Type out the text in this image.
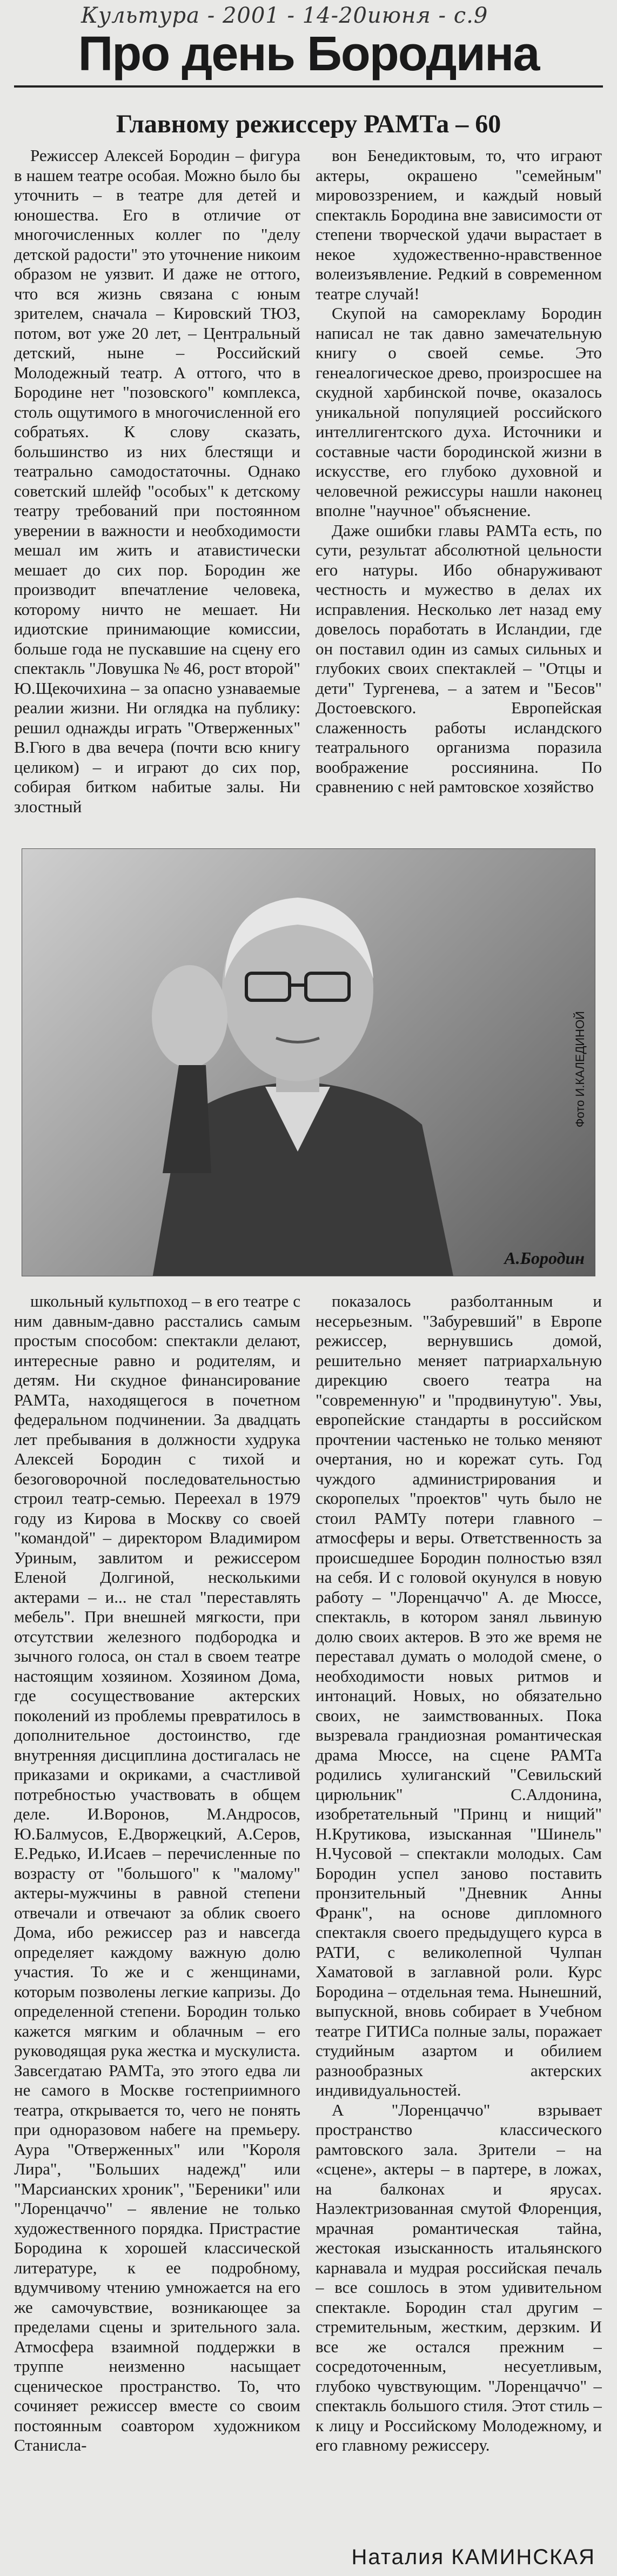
Культура - 2001 - 14-20июня - с.9
Про день Бородина
Главному режиссеру РАМТа – 60

Режиссер Алексей Бородин – фигура в нашем театре особая. Можно было бы уточнить – в театре для детей и юношества. Его в отличие от многочисленных коллег по "делу детской радости" это уточнение никоим образом не уязвит. И даже не оттого, что вся жизнь связана с юным зрителем, сначала – Кировский ТЮЗ, потом, вот уже 20 лет, – Центральный детский, ныне – Российский Молодежный театр. А оттого, что в Бородине нет "позовского" комплекса, столь ощутимого в многочисленной его собратьях. К слову сказать, большинство из них блестящи и театрально самодостаточны. Однако советский шлейф "особых" к детскому театру требований при постоянном уверении в важности и необходимости мешал им жить и атавистически мешает до сих пор. Бородин же производит впечатление человека, которому ничто не мешает. Ни идиотские принимающие комиссии, больше года не пускавшие на сцену его спектакль "Ловушка № 46, рост второй" Ю.Щекочихина – за опасно узнаваемые реалии жизни. Ни оглядка на публику: решил однажды играть "Отверженных" В.Гюго в два вечера (почти всю книгу целиком) – и играют до сих пор, собирая битком набитые залы. Ни злостный

вон Бенедиктовым, то, что играют актеры, окрашено "семейным" мировоззрением, и каждый новый спектакль Бородина вне зависимости от степени творческой удачи вырастает в некое художественно-нравственное волеизъявление. Редкий в современном театре случай!

Скупой на саморекламу Бородин написал не так давно замечательную книгу о своей семье. Это генеалогическое древо, произросшее на скудной харбинской почве, оказалось уникальной популяцией российского интеллигентского духа. Источники и составные части бородинской жизни в искусстве, его глубоко духовной и человечной режиссуры нашли наконец вполне "научное" объяснение.

Даже ошибки главы РАМТа есть, по сути, результат абсолютной цельности его натуры. Ибо обнаруживают честность и мужество в делах их исправления. Несколько лет назад ему довелось поработать в Исландии, где он поставил один из самых сильных и глубоких своих спектаклей – "Отцы и дети" Тургенева, – а затем и "Бесов" Достоевского. Европейская слаженность работы исландского театрального организма поразила воображение россиянина. По сравнению с ней рамтовское хозяйство

Фото И.КАЛЕДИНОЙ
А.Бородин

школьный культпоход – в его театре с ним давным-давно расстались самым простым способом: спектакли делают, интересные равно и родителям, и детям. Ни скудное финансирование РАМТа, находящегося в почетном федеральном подчинении. За двадцать лет пребывания в должности худрука Алексей Бородин с тихой и безоговорочной последовательностью строил театр-семью. Переехал в 1979 году из Кирова в Москву со своей "командой" – директором Владимиром Уриным, завлитом и режиссером Еленой Долгиной, несколькими актерами – и... не стал "переставлять мебель". При внешней мягкости, при отсутствии железного подбородка и зычного голоса, он стал в своем театре настоящим хозяином. Хозяином Дома, где сосуществование актерских поколений из проблемы превратилось в дополнительное достоинство, где внутренняя дисциплина достигалась не приказами и окриками, а счастливой потребностью участвовать в общем деле. И.Воронов, М.Андросов, Ю.Балмусов, Е.Дворжецкий, А.Серов, Е.Редько, И.Исаев – перечисленные по возрасту от "большого" к "малому" актеры-мужчины в равной степени отвечали и отвечают за облик своего Дома, ибо режиссер раз и навсегда определяет каждому важную долю участия. То же и с женщинами, которым позволены легкие капризы. До определенной степени. Бородин только кажется мягким и облачным – его руководящая рука жестка и мускулиста. Завсегдатаю РАМТа, это этого едва ли не самого в Москве гостеприимного театра, открывается то, чего не понять при одноразовом набеге на премьеру. Аура "Отверженных" или "Короля Лира", "Больших надежд" или "Марсианских хроник", "Береники" или "Лоренцаччо" – явление не только художественного порядка. Пристрастие Бородина к хорошей классической литературе, к ее подробному, вдумчивому чтению умножается на его же самочувствие, возникающее за пределами сцены и зрительного зала. Атмосфера взаимной поддержки в труппе неизменно насыщает сценическое пространство. То, что сочиняет режиссер вместе со своим постоянным соавтором художником Станисла-

показалось разболтанным и несерьезным. "Забуревший" в Европе режиссер, вернувшись домой, решительно меняет патриархальную дирекцию своего театра на "современную" и "продвинутую". Увы, европейские стандарты в российском прочтении частенько не только меняют очертания, но и корежат суть. Год чуждого администрирования и скоропелых "проектов" чуть было не стоил РАМТу потери главного – атмосферы и веры. Ответственность за происшедшее Бородин полностью взял на себя. И с головой окунулся в новую работу – "Лоренцаччо" А. де Мюссе, спектакль, в котором занял львиную долю своих актеров. В это же время не переставал думать о молодой смене, о необходимости новых ритмов и интонаций. Новых, но обязательно своих, не заимствованных. Пока вызревала грандиозная романтическая драма Мюссе, на сцене РАМТа родились хулиганский "Севильский цирюльник" С.Алдонина, изобретательный "Принц и нищий" Н.Крутикова, изысканная "Шинель" Н.Чусовой – спектакли молодых. Сам Бородин успел заново поставить пронзительный "Дневник Анны Франк", на основе дипломного спектакля своего предыдущего курса в РАТИ, с великолепной Чулпан Хаматовой в заглавной роли. Курс Бородина – отдельная тема. Нынешний, выпускной, вновь собирает в Учебном театре ГИТИСа полные залы, поражает студийным азартом и обилием разнообразных актерских индивидуальностей.

А "Лоренцаччо" взрывает пространство классического рамтовского зала. Зрители – на «сцене», актеры – в партере, в ложах, на балконах и ярусах. Наэлектризованная смутой Флоренция, мрачная романтическая тайна, жестокая изысканность итальянского карнавала и мудрая российская печаль – все сошлось в этом удивительном спектакле. Бородин стал другим – стремительным, жестким, дерзким. И все же остался прежним – сосредоточенным, несуетливым, глубоко чувствующим. "Лоренцаччо" – спектакль большого стиля. Этот стиль – к лицу и Российскому Молодежному, и его главному режиссеру.

Наталия КАМИНСКАЯ
